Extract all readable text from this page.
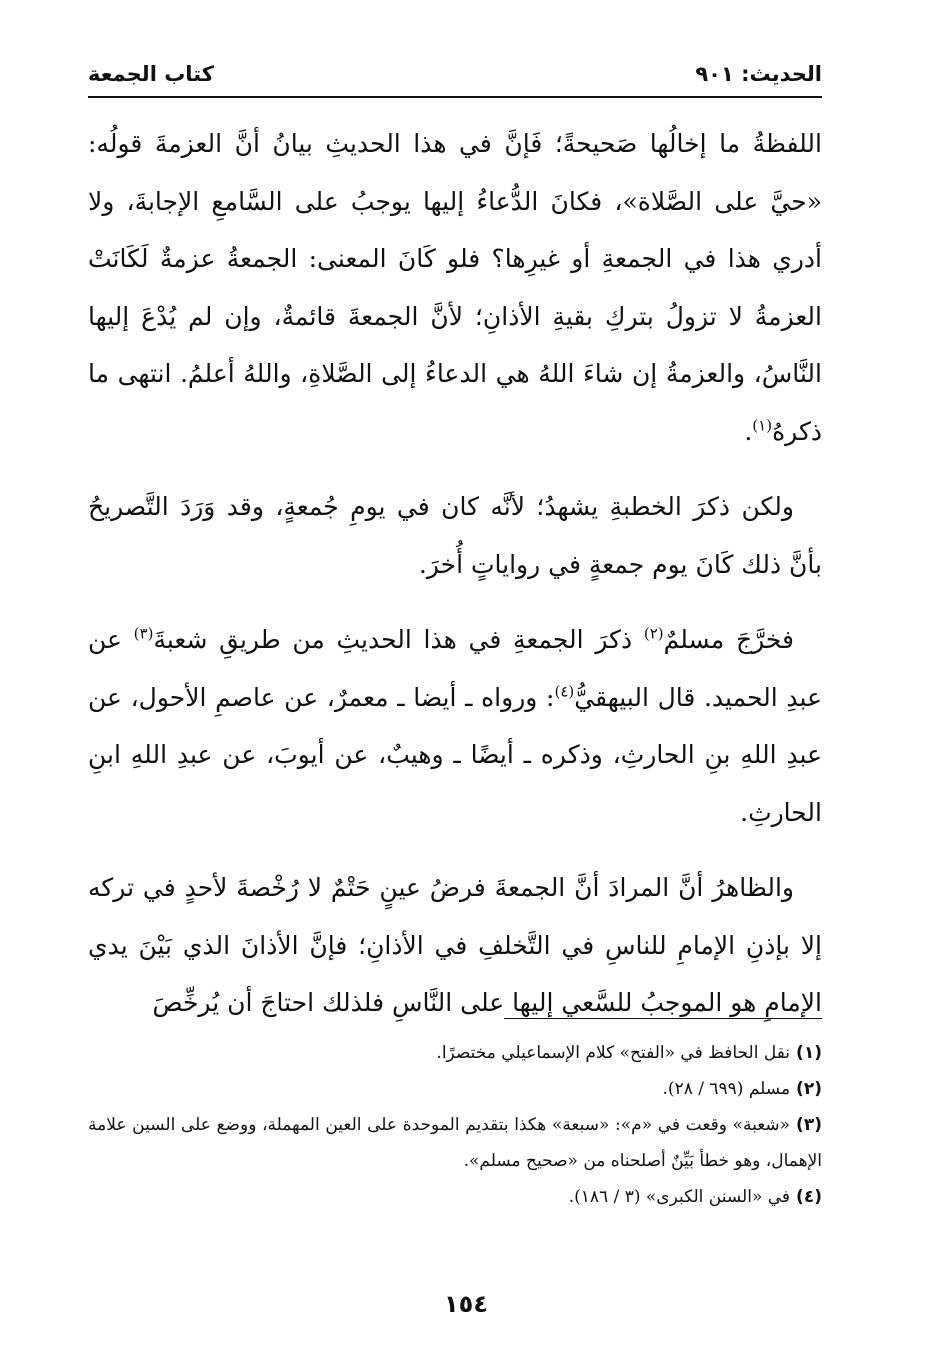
الحديث: ٩٠١
كتاب الجمعة

اللفظةُ ما إخالُها صَحيحةً؛ فَإنَّ في هذا الحديثِ بيانُ أنَّ العزمةَ قولُه: «حيَّ على الصَّلاة»، فكانَ الدُّعاءُ إليها يوجبُ على السَّامعِ الإجابةَ، ولا أدري هذا في الجمعةِ أو غيرِها؟ فلو كَانَ المعنى: الجمعةُ عزمةٌ لَكَانَتْ العزمةُ لا تزولُ بتركِ بقيةِ الأذانِ؛ لأنَّ الجمعةَ قائمةٌ، وإن لم يُدْعَ إليها النَّاسُ، والعزمةُ إن شاءَ اللهُ هي الدعاءُ إلى الصَّلاةِ، واللهُ أعلمُ. انتهى ما ذكرهُ$^{(١)}$.

ولكن ذكرَ الخطبةِ يشهدُ؛ لأنَّه كان في يومِ جُمعةٍ، وقد وَرَدَ التَّصريحُ بأنَّ ذلك كَانَ يوم جمعةٍ في رواياتٍ أُخرَ.

فخرَّجَ مسلمٌ$^{(٢)}$ ذكرَ الجمعةِ في هذا الحديثِ من طريقِ شعبةَ$^{(٣)}$ عن عبدِ الحميد. قال البيهقيُّ$^{(٤)}$: ورواه ـ أيضا ـ معمرٌ، عن عاصمِ الأحول، عن عبدِ اللهِ بنِ الحارثِ، وذكره ـ أيضًا ـ وهيبٌ، عن أيوبَ، عن عبدِ اللهِ ابنِ الحارثِ.

والظاهرُ أنَّ المرادَ أنَّ الجمعةَ فرضُ عينٍ حَتْمٌ لا رُخْصةَ لأحدٍ في تركه إلا بإذنِ الإمامِ للناسِ في التَّخلفِ في الأذانِ؛ فإنَّ الأذانَ الذي بَيْنَ يدي الإمامِ هو الموجبُ للسَّعي إليها على النَّاسِ فلذلك احتاجَ أن يُرخِّصَ

(١)نقل الحافظ في «الفتح» كلام الإسماعيلي مختصرًا.

(٢)مسلم (٦٩٩ / ٢٨).

(٣)«شعبة» وقعت في «م»: «سبعة» هكذا بتقديم الموحدة على العين المهملة، ووضع على السين علامة الإهمال، وهو خطأ بَيِّنٌ أصلحناه من «صحيح مسلم».

(٤)في «السنن الكبرى» (٣ / ١٨٦).

١٥٤
